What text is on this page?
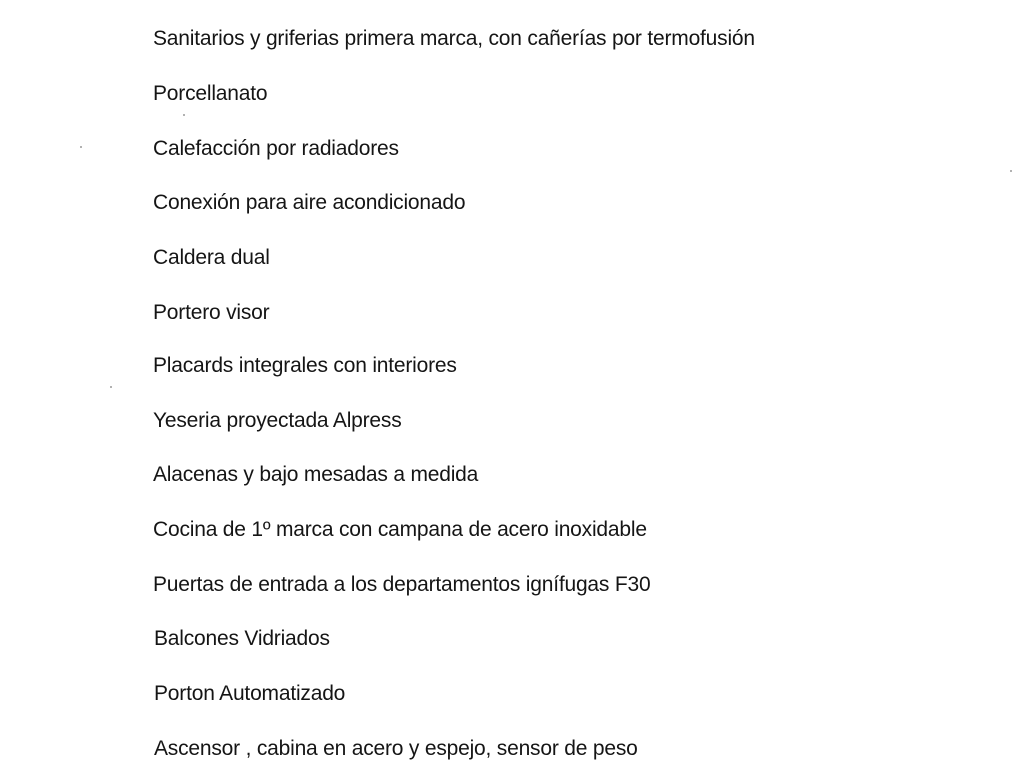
Sanitarios y griferias primera marca, con cañerías por termofusión
Porcellanato
Calefacción por radiadores
Conexión para aire acondicionado
Caldera dual
Portero visor
Placards integrales con interiores
Yeseria proyectada Alpress
Alacenas y bajo mesadas a medida
Cocina de 1º marca con campana de acero inoxidable
Puertas de entrada a los departamentos ignífugas F30
Balcones Vidriados
Porton Automatizado
Ascensor , cabina en acero y espejo, sensor de peso
